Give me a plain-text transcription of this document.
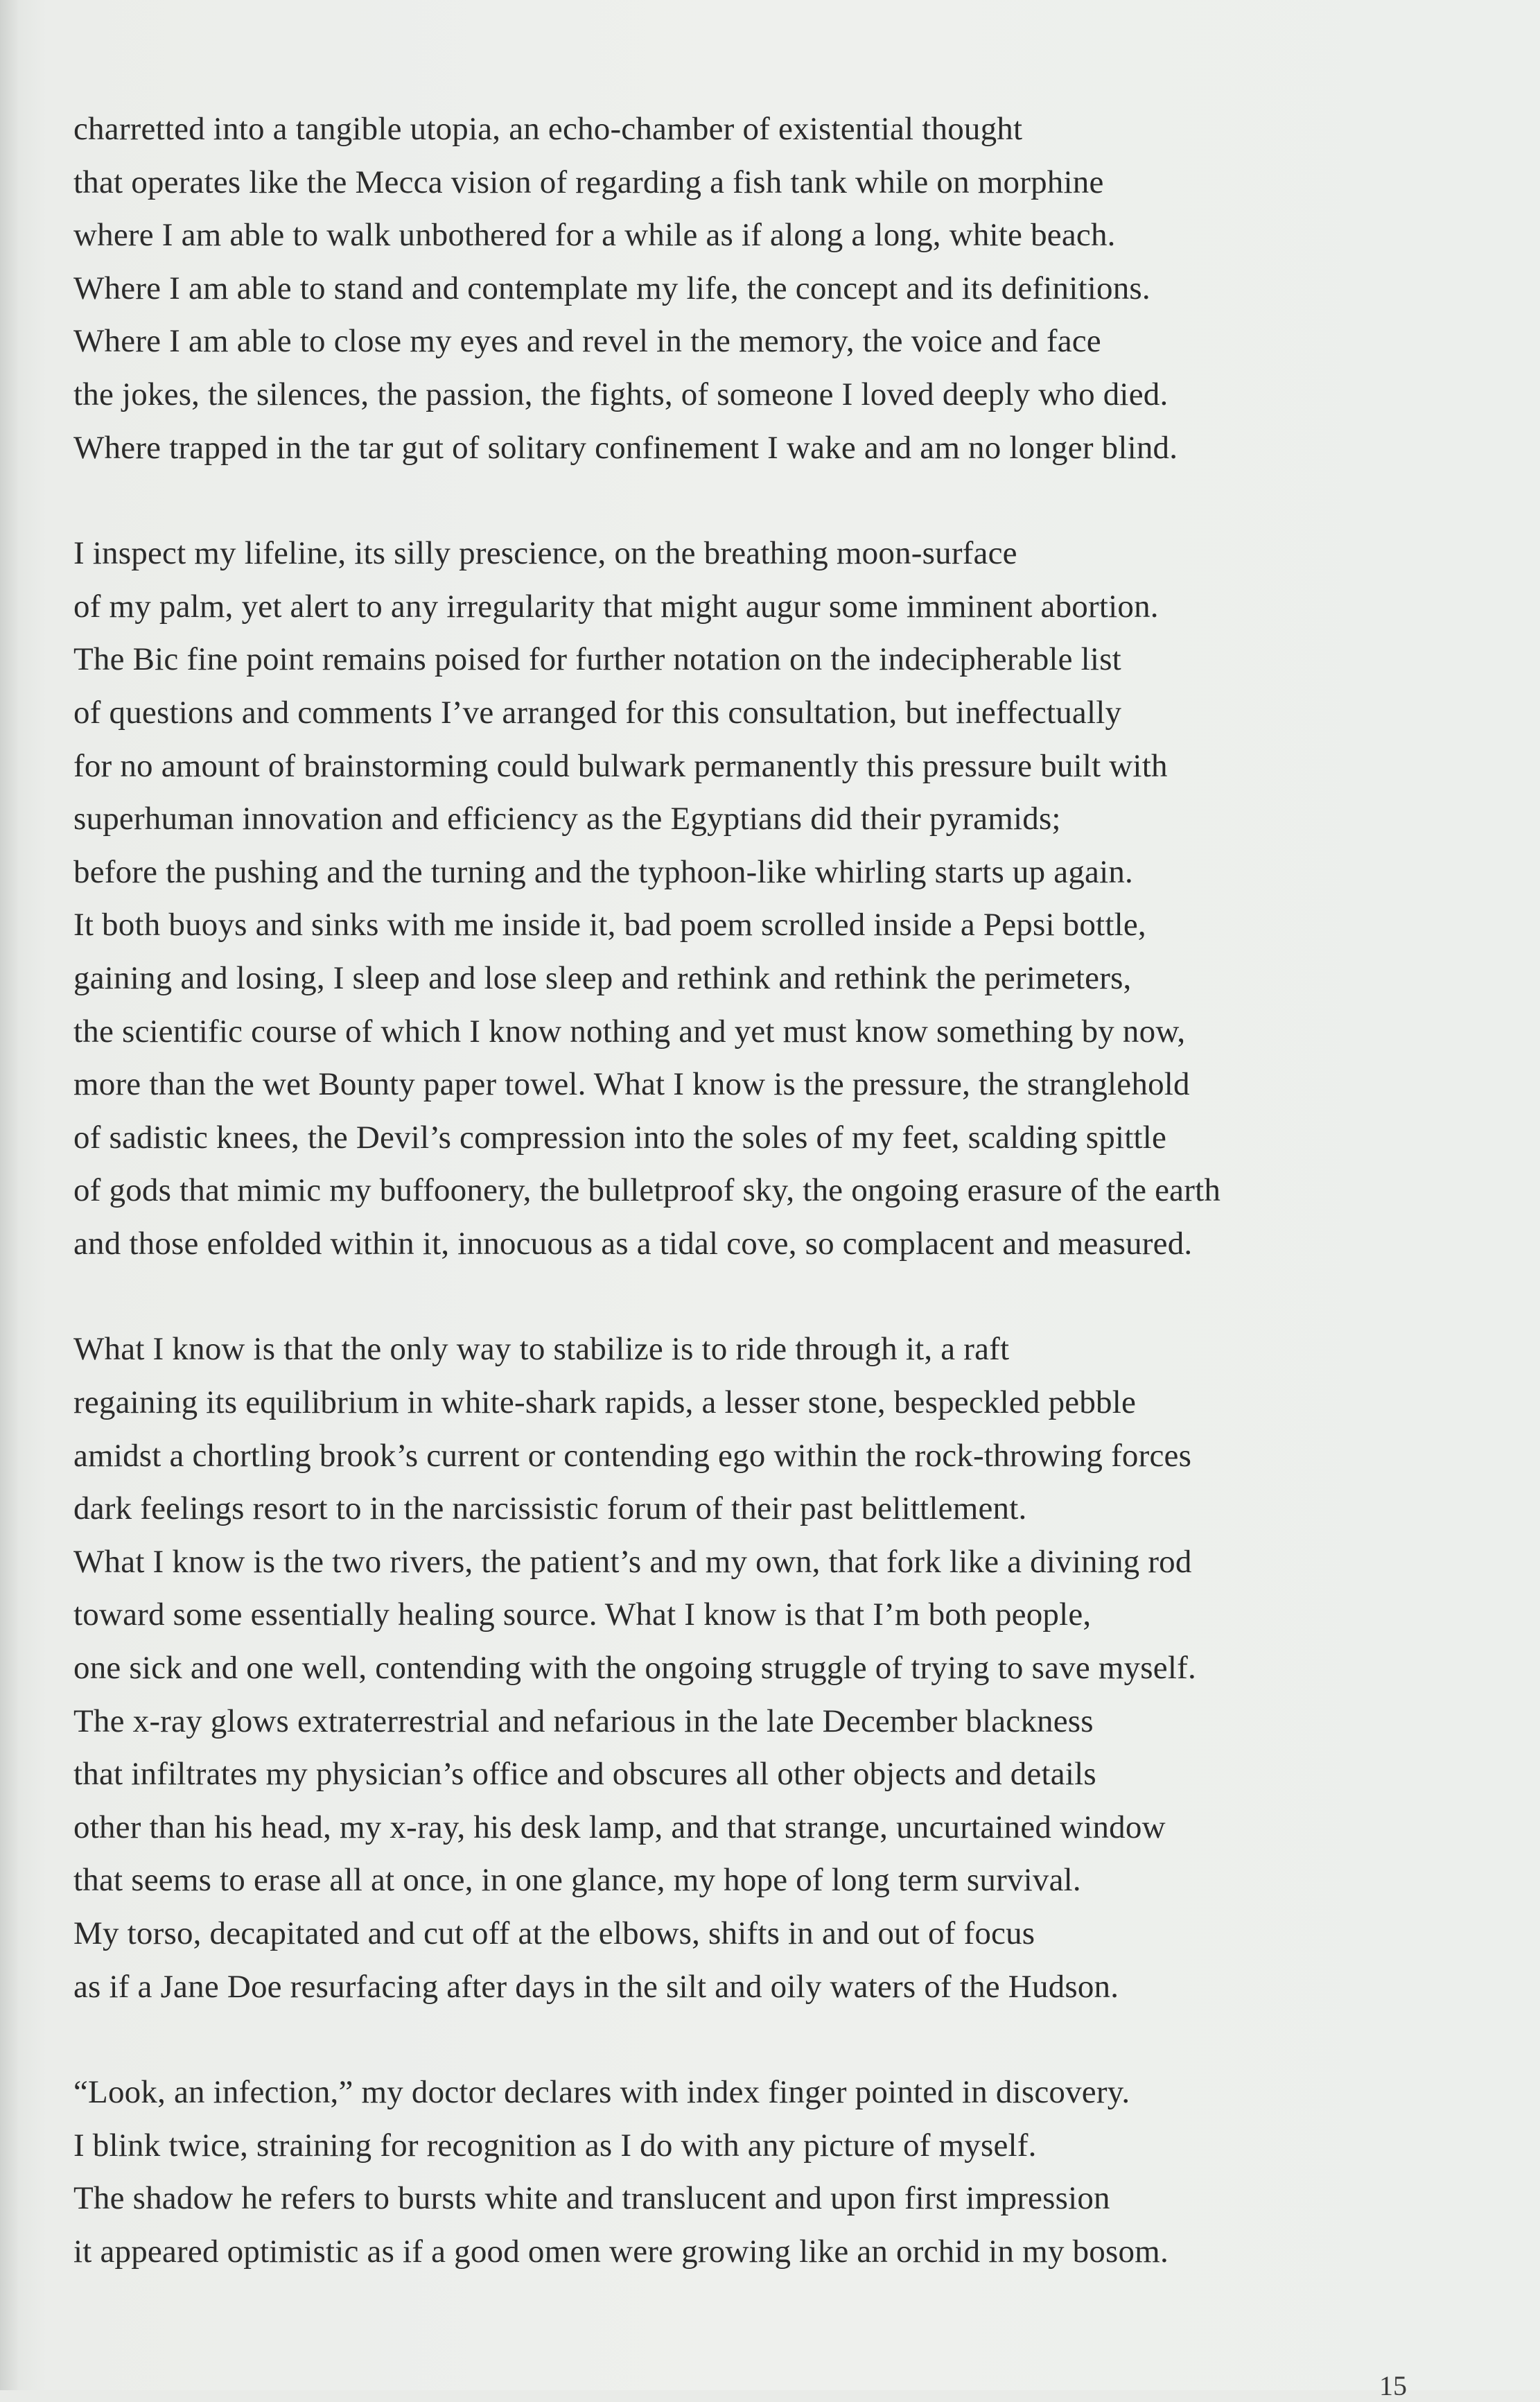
charretted into a tangible utopia, an echo-chamber of existential thought
that operates like the Mecca vision of regarding a fish tank while on morphine
where I am able to walk unbothered for a while as if along a long, white beach.
Where I am able to stand and contemplate my life, the concept and its definitions.
Where I am able to close my eyes and revel in the memory, the voice and face
the jokes, the silences, the passion, the fights, of someone I loved deeply who died.
Where trapped in the tar gut of solitary confinement I wake and am no longer blind.
I inspect my lifeline, its silly prescience, on the breathing moon-surface
of my palm, yet alert to any irregularity that might augur some imminent abortion.
The Bic fine point remains poised for further notation on the indecipherable list
of questions and comments I’ve arranged for this consultation, but ineffectually
for no amount of brainstorming could bulwark permanently this pressure built with
superhuman innovation and efficiency as the Egyptians did their pyramids;
before the pushing and the turning and the typhoon-like whirling starts up again.
It both buoys and sinks with me inside it, bad poem scrolled inside a Pepsi bottle,
gaining and losing, I sleep and lose sleep and rethink and rethink the perimeters,
the scientific course of which I know nothing and yet must know something by now,
more than the wet Bounty paper towel. What I know is the pressure, the stranglehold
of sadistic knees, the Devil’s compression into the soles of my feet, scalding spittle
of gods that mimic my buffoonery, the bulletproof sky, the ongoing erasure of the earth
and those enfolded within it, innocuous as a tidal cove, so complacent and measured.
What I know is that the only way to stabilize is to ride through it, a raft
regaining its equilibrium in white-shark rapids, a lesser stone, bespeckled pebble
amidst a chortling brook’s current or contending ego within the rock-throwing forces
dark feelings resort to in the narcissistic forum of their past belittlement.
What I know is the two rivers, the patient’s and my own, that fork like a divining rod
toward some essentially healing source. What I know is that I’m both people,
one sick and one well, contending with the ongoing struggle of trying to save myself.
The x-ray glows extraterrestrial and nefarious in the late December blackness
that infiltrates my physician’s office and obscures all other objects and details
other than his head, my x-ray, his desk lamp, and that strange, uncurtained window
that seems to erase all at once, in one glance, my hope of long term survival.
My torso, decapitated and cut off at the elbows, shifts in and out of focus
as if a Jane Doe resurfacing after days in the silt and oily waters of the Hudson.
“Look, an infection,” my doctor declares with index finger pointed in discovery.
I blink twice, straining for recognition as I do with any picture of myself.
The shadow he refers to bursts white and translucent and upon first impression
it appeared optimistic as if a good omen were growing like an orchid in my bosom.
15
